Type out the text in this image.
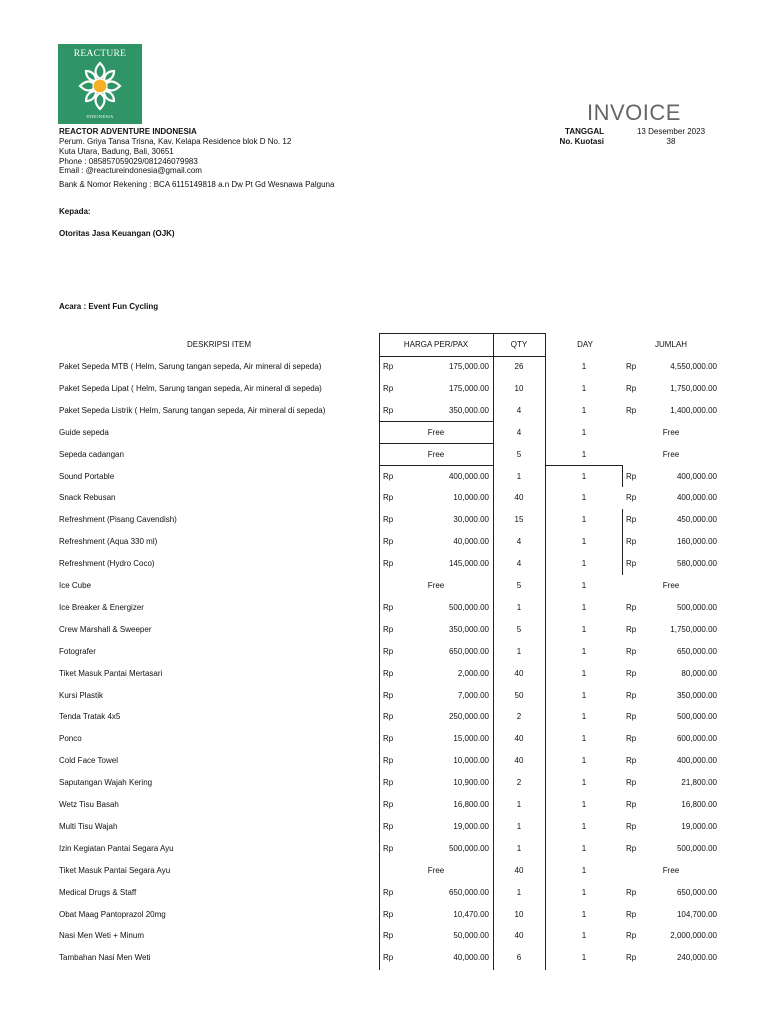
REACTURE
INDONESIA	INVOICE
REACTOR ADVENTURE INDONESIA
Perum. Griya Tansa Trisna, Kav. Kelapa Residence blok D No. 12
Kuta Utara, Badung, Bali, 30651
Phone : 085857059029/081246079983
Email : @reactureindonesia@gmail.com
Bank & Nomor Rekening : BCA 6115149818 a.n Dw Pt Gd Wesnawa Palguna
TANGGAL	13 Desember 2023
No. Kuotasi	38
Kepada:
Otoritas Jasa Keuangan (OJK)
Acara : Event Fun Cycling
DESKRIPSI ITEM	HARGA PER/PAX	QTY	DAY	JUMLAH
Paket Sepeda MTB ( Helm, Sarung tangan sepeda, Air mineral di sepeda)	Rp	175,000.00	26	1	Rp	4,550,000.00
Paket Sepeda Lipat ( Helm, Sarung tangan sepeda, Air mineral di sepeda)	Rp	175,000.00	10	1	Rp	1,750,000.00
Paket Sepeda Listrik ( Helm, Sarung tangan sepeda, Air mineral di sepeda)	Rp	350,000.00	4	1	Rp	1,400,000.00
Guide sepeda	Free	4	1	Free
Sepeda cadangan	Free	5	1	Free
Sound Portable	Rp	400,000.00	1	1	Rp	400,000.00
Snack Rebusan	Rp	10,000.00	40	1	Rp	400,000.00
Refreshment (Pisang Cavendish)	Rp	30,000.00	15	1	Rp	450,000.00
Refreshment (Aqua 330 ml)	Rp	40,000.00	4	1	Rp	160,000.00
Refreshment (Hydro Coco)	Rp	145,000.00	4	1	Rp	580,000.00
Ice Cube	Free	5	1	Free
Ice Breaker & Energizer	Rp	500,000.00	1	1	Rp	500,000.00
Crew Marshall & Sweeper	Rp	350,000.00	5	1	Rp	1,750,000.00
Fotografer	Rp	650,000.00	1	1	Rp	650,000.00
Tiket Masuk Pantai Mertasari	Rp	2,000.00	40	1	Rp	80,000.00
Kursi Plastik	Rp	7,000.00	50	1	Rp	350,000.00
Tenda Tratak 4x5	Rp	250,000.00	2	1	Rp	500,000.00
Ponco	Rp	15,000.00	40	1	Rp	600,000.00
Cold Face Towel	Rp	10,000.00	40	1	Rp	400,000.00
Saputangan Wajah Kering	Rp	10,900.00	2	1	Rp	21,800.00
Wetz Tisu Basah	Rp	16,800.00	1	1	Rp	16,800.00
Multi Tisu Wajah	Rp	19,000.00	1	1	Rp	19,000.00
Izin Kegiatan Pantai Segara Ayu	Rp	500,000.00	1	1	Rp	500,000.00
Tiket Masuk Pantai Segara Ayu	Free	40	1	Free
Medical Drugs & Staff	Rp	650,000.00	1	1	Rp	650,000.00
Obat Maag Pantoprazol 20mg	Rp	10,470.00	10	1	Rp	104,700.00
Nasi Men Weti + Minum	Rp	50,000.00	40	1	Rp	2,000,000.00
Tambahan Nasi Men Weti	Rp	40,000.00	6	1	Rp	240,000.00
